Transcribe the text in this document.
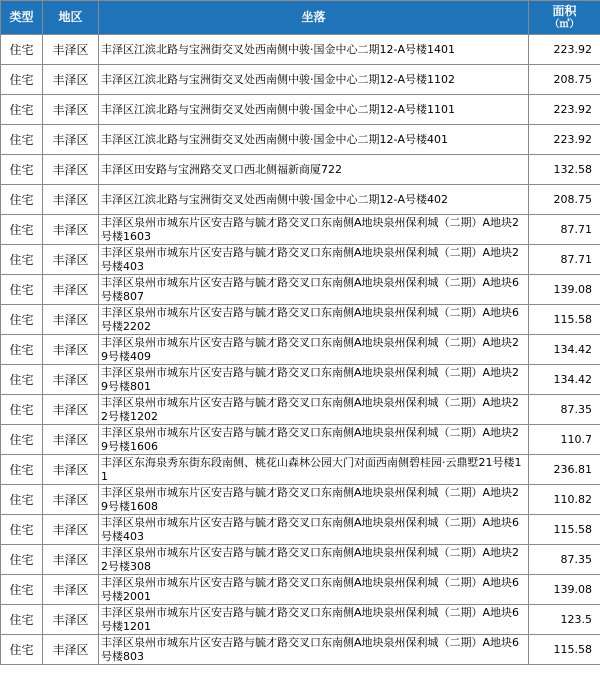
类型	地区	坐落	面积
（㎡）

住宅	丰泽区	丰泽区江滨北路与宝洲街交叉处西南侧中骏·国金中心二期12-A号楼1401	223.92
住宅	丰泽区	丰泽区江滨北路与宝洲街交叉处西南侧中骏·国金中心二期12-A号楼1102	208.75
住宅	丰泽区	丰泽区江滨北路与宝洲街交叉处西南侧中骏·国金中心二期12-A号楼1101	223.92
住宅	丰泽区	丰泽区江滨北路与宝洲街交叉处西南侧中骏·国金中心二期12-A号楼401	223.92
住宅	丰泽区	丰泽区田安路与宝洲路交叉口西北侧福新商厦722	132.58
住宅	丰泽区	丰泽区江滨北路与宝洲街交叉处西南侧中骏·国金中心二期12-A号楼402	208.75
住宅	丰泽区	丰泽区泉州市城东片区安吉路与毓才路交叉口东南侧A地块泉州保利城（二期）A地块2号楼1603	87.71
住宅	丰泽区	丰泽区泉州市城东片区安吉路与毓才路交叉口东南侧A地块泉州保利城（二期）A地块2号楼403	87.71
住宅	丰泽区	丰泽区泉州市城东片区安吉路与毓才路交叉口东南侧A地块泉州保利城（二期）A地块6号楼807	139.08
住宅	丰泽区	丰泽区泉州市城东片区安吉路与毓才路交叉口东南侧A地块泉州保利城（二期）A地块6号楼2202	115.58
住宅	丰泽区	丰泽区泉州市城东片区安吉路与毓才路交叉口东南侧A地块泉州保利城（二期）A地块29号楼409	134.42
住宅	丰泽区	丰泽区泉州市城东片区安吉路与毓才路交叉口东南侧A地块泉州保利城（二期）A地块29号楼801	134.42
住宅	丰泽区	丰泽区泉州市城东片区安吉路与毓才路交叉口东南侧A地块泉州保利城（二期）A地块22号楼1202	87.35
住宅	丰泽区	丰泽区泉州市城东片区安吉路与毓才路交叉口东南侧A地块泉州保利城（二期）A地块29号楼1606	110.7
住宅	丰泽区	丰泽区东海泉秀东街东段南侧、桃花山森林公园大门对面西南侧碧桂园·云鼎墅21号楼11	236.81
住宅	丰泽区	丰泽区泉州市城东片区安吉路与毓才路交叉口东南侧A地块泉州保利城（二期）A地块29号楼1608	110.82
住宅	丰泽区	丰泽区泉州市城东片区安吉路与毓才路交叉口东南侧A地块泉州保利城（二期）A地块6号楼403	115.58
住宅	丰泽区	丰泽区泉州市城东片区安吉路与毓才路交叉口东南侧A地块泉州保利城（二期）A地块22号楼308	87.35
住宅	丰泽区	丰泽区泉州市城东片区安吉路与毓才路交叉口东南侧A地块泉州保利城（二期）A地块6号楼2001	139.08
住宅	丰泽区	丰泽区泉州市城东片区安吉路与毓才路交叉口东南侧A地块泉州保利城（二期）A地块6号楼1201	123.5
住宅	丰泽区	丰泽区泉州市城东片区安吉路与毓才路交叉口东南侧A地块泉州保利城（二期）A地块6号楼803	115.58
